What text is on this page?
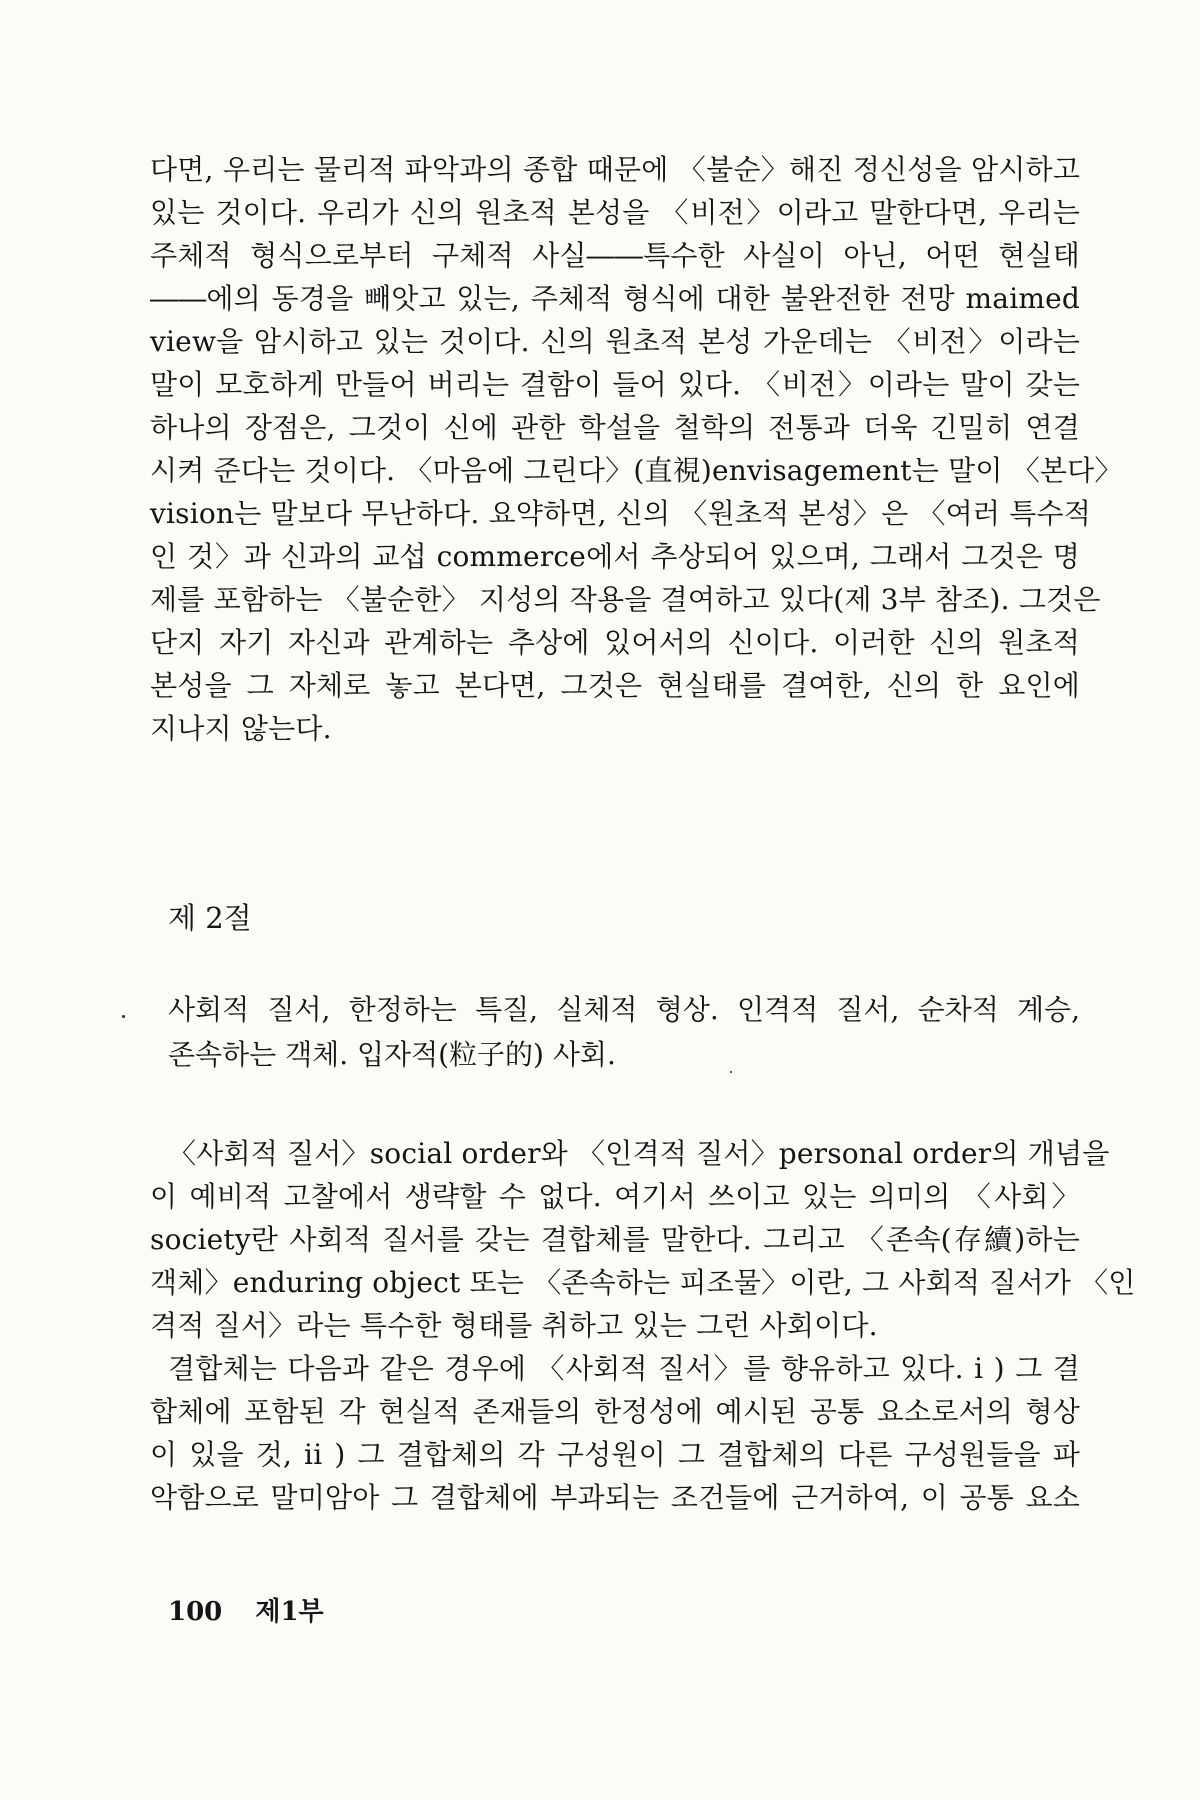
다면, 우리는 물리적 파악과의 종합 때문에 〈불순〉해진 정신성을 암시하고
있는 것이다. 우리가 신의 원초적 본성을 〈비전〉이라고 말한다면, 우리는
주체적 형식으로부터 구체적 사실――특수한 사실이 아닌, 어떤 현실태
――에의 동경을 빼앗고 있는, 주체적 형식에 대한 불완전한 전망 maimed
view을 암시하고 있는 것이다. 신의 원초적 본성 가운데는 〈비전〉이라는
말이 모호하게 만들어 버리는 결함이 들어 있다. 〈비전〉이라는 말이 갖는
하나의 장점은, 그것이 신에 관한 학설을 철학의 전통과 더욱 긴밀히 연결
시켜 준다는 것이다. 〈마음에 그린다〉(直視)envisagement는 말이 〈본다〉
vision는 말보다 무난하다. 요약하면, 신의 〈원초적 본성〉은 〈여러 특수적
인 것〉과 신과의 교섭 commerce에서 추상되어 있으며, 그래서 그것은 명
제를 포함하는 〈불순한〉 지성의 작용을 결여하고 있다(제 3부 참조). 그것은
단지 자기 자신과 관계하는 추상에 있어서의 신이다. 이러한 신의 원초적
본성을 그 자체로 놓고 본다면, 그것은 현실태를 결여한, 신의 한 요인에
지나지 않는다.
제 2절
사회적 질서, 한정하는 특질, 실체적 형상. 인격적 질서, 순차적 계승,
존속하는 객체. 입자적(粒子的) 사회.
〈사회적 질서〉social order와 〈인격적 질서〉personal order의 개념을
이 예비적 고찰에서 생략할 수 없다. 여기서 쓰이고 있는 의미의 〈사회〉
society란 사회적 질서를 갖는 결합체를 말한다. 그리고 〈존속(存續)하는
객체〉enduring object 또는 〈존속하는 피조물〉이란, 그 사회적 질서가 〈인
격적 질서〉라는 특수한 형태를 취하고 있는 그런 사회이다.
결합체는 다음과 같은 경우에 〈사회적 질서〉를 향유하고 있다. i ) 그 결
합체에 포함된 각 현실적 존재들의 한정성에 예시된 공통 요소로서의 형상
이 있을 것, ii ) 그 결합체의 각 구성원이 그 결합체의 다른 구성원들을 파
악함으로 말미암아 그 결합체에 부과되는 조건들에 근거하여, 이 공통 요소
100 제1부
